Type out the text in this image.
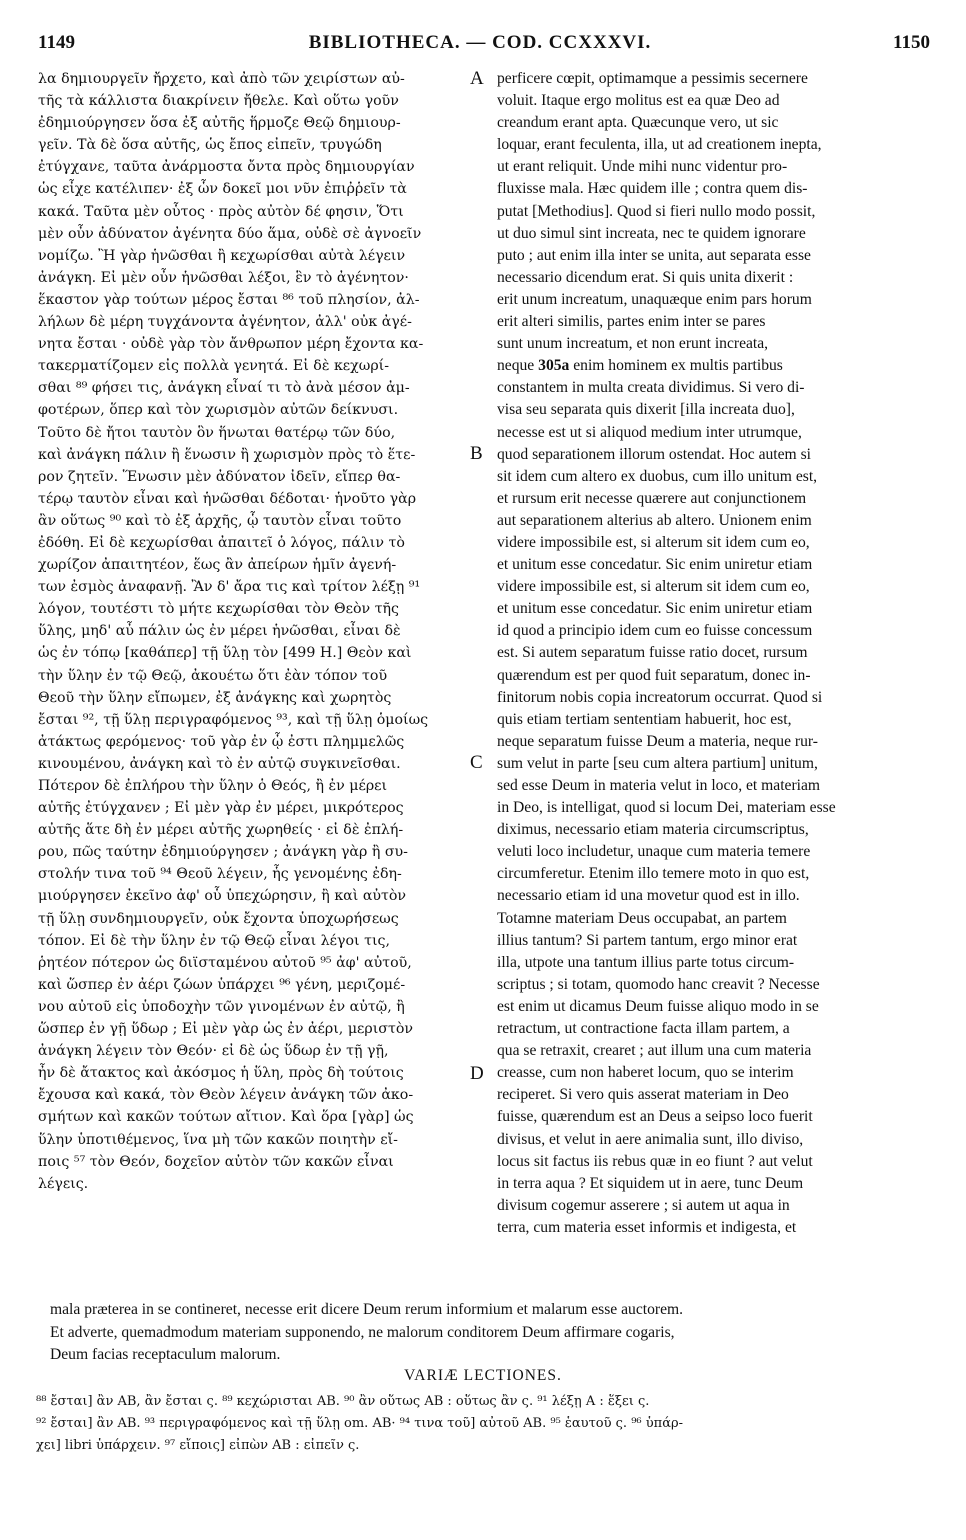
1149	BIBLIOTHECA. — COD. CCXXXVI.	1150
λα δημιουργεῖν ἤρχετο, καὶ ἀπὸ τῶν χειρίστων αὐ-
τῆς τὰ κάλλιστα διακρίνειν ἤθελε. Καὶ οὕτω γοῦν
ἐδημιούργησεν ὅσα ἐξ αὐτῆς ἥρμοζε Θεῷ δημιουρ-
γεῖν. Τὰ δὲ ὅσα αὐτῆς, ὡς ἔπος εἰπεῖν, τρυγώδη
ἐτύγχανε, ταῦτα ἀνάρμοστα ὄντα πρὸς δημιουργίαν
ὡς εἶχε κατέλιπεν· ἐξ ὧν δοκεῖ μοι νῦν ἐπιῤῥεῖν τὰ
κακά. Ταῦτα μὲν οὗτος · πρὸς αὐτὸν δέ φησιν, Ὅτι
μὲν οὖν ἀδύνατον ἀγένητα δύο ἅμα, οὐδὲ σὲ ἀγνοεῖν
νομίζω. Ἢ γὰρ ἡνῶσθαι ἢ κεχωρίσθαι αὐτὰ λέγειν
ἀνάγκη. Εἰ μὲν οὖν ἡνῶσθαι λέξοι, ἓν τὸ ἀγένητον·
ἕκαστον γὰρ τούτων μέρος ἔσται ⁸⁶ τοῦ πλησίον, ἀλ-
λήλων δὲ μέρη τυγχάνοντα ἀγένητον, ἀλλ' οὐκ ἀγέ-
νητα ἔσται · οὐδὲ γὰρ τὸν ἄνθρωπον μέρη ἔχοντα κα-
τακερματίζομεν εἰς πολλὰ γενητά. Εἰ δὲ κεχωρί-
σθαι ⁸⁹ φήσει τις, ἀνάγκη εἶναί τι τὸ ἀνὰ μέσον ἀμ-
φοτέρων, ὅπερ καὶ τὸν χωρισμὸν αὐτῶν δείκνυσι.
Τοῦτο δὲ ἤτοι ταυτὸν ὃν ἥνωται θατέρῳ τῶν δύο,
καὶ ἀνάγκη πάλιν ἢ ἕνωσιν ἢ χωρισμὸν πρὸς τὸ ἕτε-
ρον ζητεῖν. Ἕνωσιν μὲν ἀδύνατον ἰδεῖν, εἴπερ θα-
τέρῳ ταυτὸν εἶναι καὶ ἡνῶσθαι δέδοται· ἡνοῦτο γὰρ
ἂν οὕτως ⁹⁰ καὶ τὸ ἐξ ἀρχῆς, ᾧ ταυτὸν εἶναι τοῦτο
ἐδόθη. Εἰ δὲ κεχωρίσθαι ἀπαιτεῖ ὁ λόγος, πάλιν τὸ
χωρίζον ἀπαιτητέον, ἕως ἂν ἀπείρων ἡμῖν ἀγενή-
των ἐσμὸς ἀναφανῇ. Ἂν δ' ἄρα τις καὶ τρίτον λέξῃ ⁹¹
λόγον, τουτέστι τὸ μήτε κεχωρίσθαι τὸν Θεὸν τῆς
ὕλης, μηδ' αὖ πάλιν ὡς ἐν μέρει ἡνῶσθαι, εἶναι δὲ
ὡς ἐν τόπῳ [καθάπερ] τῇ ὕλῃ τὸν [499 H.] Θεὸν καὶ
τὴν ὕλην ἐν τῷ Θεῷ, ἀκουέτω ὅτι ἐὰν τόπον τοῦ
Θεοῦ τὴν ὕλην εἴπωμεν, ἐξ ἀνάγκης καὶ χωρητὸς
ἔσται ⁹², τῇ ὕλῃ περιγραφόμενος ⁹³, καὶ τῇ ὕλῃ ὁμοίως
ἀτάκτως φερόμενος· τοῦ γὰρ ἐν ᾧ ἐστι πλημμελῶς
κινουμένου, ἀνάγκη καὶ τὸ ἐν αὐτῷ συγκινεῖσθαι.
Πότερον δὲ ἐπλήρου τὴν ὕλην ὁ Θεός, ἢ ἐν μέρει
αὐτῆς ἐτύγχανεν ; Εἰ μὲν γὰρ ἐν μέρει, μικρότερος
αὐτῆς ἅτε δὴ ἐν μέρει αὐτῆς χωρηθείς · εἰ δὲ ἐπλή-
ρου, πῶς ταύτην ἐδημιούργησεν ; ἀνάγκη γὰρ ἢ συ-
στολήν τινα τοῦ ⁹⁴ Θεοῦ λέγειν, ἧς γενομένης ἐδη-
μιούργησεν ἐκεῖνο ἀφ' οὗ ὑπεχώρησιν, ἢ καὶ αὐτὸν
τῇ ὕλῃ συνδημιουργεῖν, οὐκ ἔχοντα ὑποχωρήσεως
τόπον. Εἰ δὲ τὴν ὕλην ἐν τῷ Θεῷ εἶναι λέγοι τις,
ῥητέον πότερον ὡς διϊσταμένου αὐτοῦ ⁹⁵ ἀφ' αὐτοῦ,
καὶ ὥσπερ ἐν ἀέρι ζώων ὑπάρχει ⁹⁶ γένη, μεριζομέ-
νου αὐτοῦ εἰς ὑποδοχὴν τῶν γινομένων ἐν αὐτῷ, ἢ
ὥσπερ ἐν γῇ ὕδωρ ; Εἰ μὲν γὰρ ὡς ἐν ἀέρι, μεριστὸν
ἀνάγκη λέγειν τὸν Θεόν· εἰ δὲ ὡς ὕδωρ ἐν τῇ γῇ,
ἦν δὲ ἄτακτος καὶ ἀκόσμος ἡ ὕλη, πρὸς δὴ τούτοις
ἔχουσα καὶ κακά, τὸν Θεὸν λέγειν ἀνάγκη τῶν ἀκο-
σμήτων καὶ κακῶν τούτων αἴτιον. Καὶ ὅρα [γὰρ] ὡς
ὕλην ὑποτιθέμενος, ἵνα μὴ τῶν κακῶν ποιητὴν εἴ-
ποις ⁵⁷ τὸν Θεόν, δοχεῖον αὐτὸν τῶν κακῶν εἶναι
λέγεις.
perficere cœpit, optimamque a pessimis secernere
voluit. Itaque ergo molitus est ea quæ Deo ad
creandum erant apta. Quæcunque vero, ut sic
loquar, erant feculenta, illa, ut ad creationem inepta,
ut erant reliquit. Unde mihi nunc videntur pro-
fluxisse mala. Hæc quidem ille ; contra quem dis-
putat [Methodius]. Quod si fieri nullo modo possit,
ut duo simul sint increata, nec te quidem ignorare
puto ; aut enim illa inter se unita, aut separata esse
necessario dicendum erat. Si quis unita dixerit :
erit unum increatum, unaquæque enim pars horum
erit alteri similis, partes enim inter se pares
sunt unum increatum, et non erunt increata,
neque 305a enim hominem ex multis partibus
constantem in multa creata dividimus. Si vero di-
visa seu separata quis dixerit [illa increata duo],
necesse est ut si aliquod medium inter utrumque,
quod separationem illorum ostendat. Hoc autem si
sit idem cum altero ex duobus, cum illo unitum est,
et rursum erit necesse quærere aut conjunctionem
aut separationem alterius ab altero. Unionem enim
videre impossibile est, si alterum sit idem cum eo,
et unitum esse concedatur. Sic enim uniretur etiam
videre impossibile est, si alterum sit idem cum eo,
et unitum esse concedatur. Sic enim uniretur etiam
id quod a principio idem cum eo fuisse concessum
est. Si autem separatum fuisse ratio docet, rursum
quærendum est per quod fuit separatum, donec in-
finitorum nobis copia increatorum occurrat. Quod si
quis etiam tertiam sententiam habuerit, hoc est,
neque separatum fuisse Deum a materia, neque rur-
sum velut in parte [seu cum altera partium] unitum,
sed esse Deum in materia velut in loco, et materiam
in Deo, is intelligat, quod si locum Dei, materiam esse
diximus, necessario etiam materia circumscriptus,
veluti loco includetur, unaque cum materia temere
circumferetur. Etenim illo temere moto in quo est,
necessario etiam id una movetur quod est in illo.
Totamne materiam Deus occupabat, an partem
illius tantum? Si partem tantum, ergo minor erat
illa, utpote una tantum illius parte totus circum-
scriptus ; si totam, quomodo hanc creavit ? Necesse
est enim ut dicamus Deum fuisse aliquo modo in se
retractum, ut contractione facta illam partem, a
qua se retraxit, crearet ; aut illum una cum materia
creasse, cum non haberet locum, quo se interim
reciperet. Si vero quis asserat materiam in Deo
fuisse, quærendum est an Deus a seipso loco fuerit
divisus, et velut in aere animalia sunt, illo diviso,
locus sit factus iis rebus quæ in eo fiunt ? aut velut
in terra aqua ? Et siquidem ut in aere, tunc Deum
divisum cogemur asserere ; si autem ut aqua in
terra, cum materia esset informis et indigesta, et
A
B
C
D
mala præterea in se contineret, necesse erit dicere Deum rerum informium et malarum esse auctorem.
Et adverte, quemadmodum materiam supponendo, ne malorum conditorem Deum affirmare cogaris,
Deum facias receptaculum malorum.
VARIÆ LECTIONES.
⁸⁸ ἔσται] ἂν AB, ἂν ἔσται ς. ⁸⁹ κεχώρισται AB. ⁹⁰ ἂν οὕτως AB : οὕτως ἂν ς. ⁹¹ λέξῃ A : ἕξει ς.
⁹² ἔσται] ἂν AB. ⁹³ περιγραφόμενος καὶ τῇ ὕλῃ om. AB· ⁹⁴ τινα τοῦ] αὐτοῦ AB. ⁹⁵ ἑαυτοῦ ς. ⁹⁶ ὑπάρ-
χει] libri ὑπάρχειν. ⁹⁷ εἴποις] εἰπὼν AB : εἰπεῖν ς.
